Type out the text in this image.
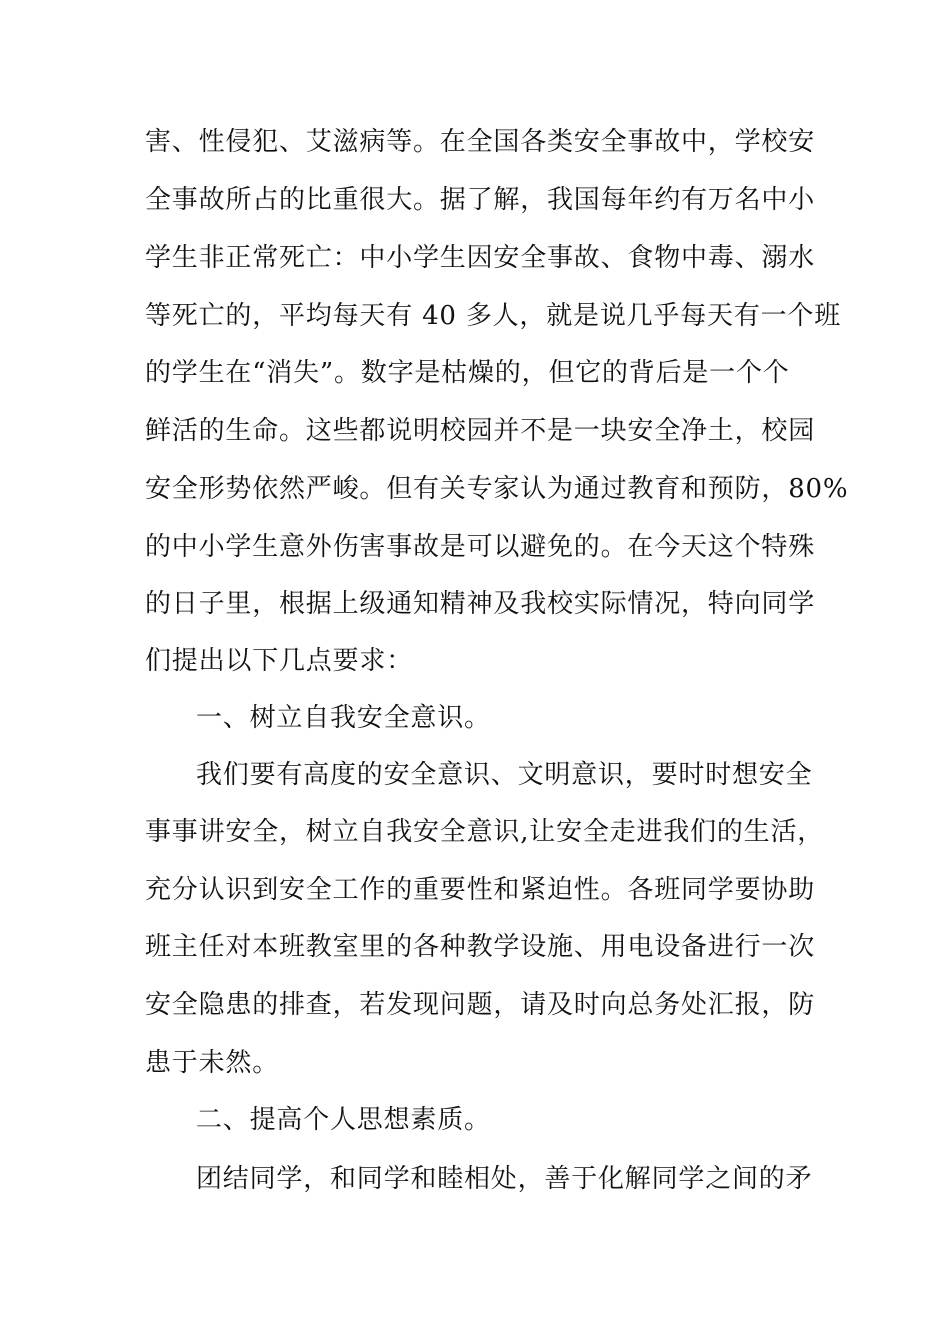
害、性侵犯、艾滋病等。在全国各类安全事故中，学校安
全事故所占的比重很大。据了解，我国每年约有万名中小
学生非正常死亡：中小学生因安全事故、食物中毒、溺水
等死亡的，平均每天有 40 多人，就是说几乎每天有一个班
的学生在“消失”。数字是枯燥的，但它的背后是一个个
鲜活的生命。这些都说明校园并不是一块安全净土，校园
安全形势依然严峻。但有关专家认为通过教育和预防，80%
的中小学生意外伤害事故是可以避免的。在今天这个特殊
的日子里，根据上级通知精神及我校实际情况，特向同学
们提出以下几点要求：
一、树立自我安全意识。
我们要有高度的安全意识、文明意识，要时时想安全
事事讲安全，树立自我安全意识,让安全走进我们的生活，
充分认识到安全工作的重要性和紧迫性。各班同学要协助
班主任对本班教室里的各种教学设施、用电设备进行一次
安全隐患的排查，若发现问题，请及时向总务处汇报，防
患于未然。
二、提高个人思想素质。
团结同学，和同学和睦相处，善于化解同学之间的矛
